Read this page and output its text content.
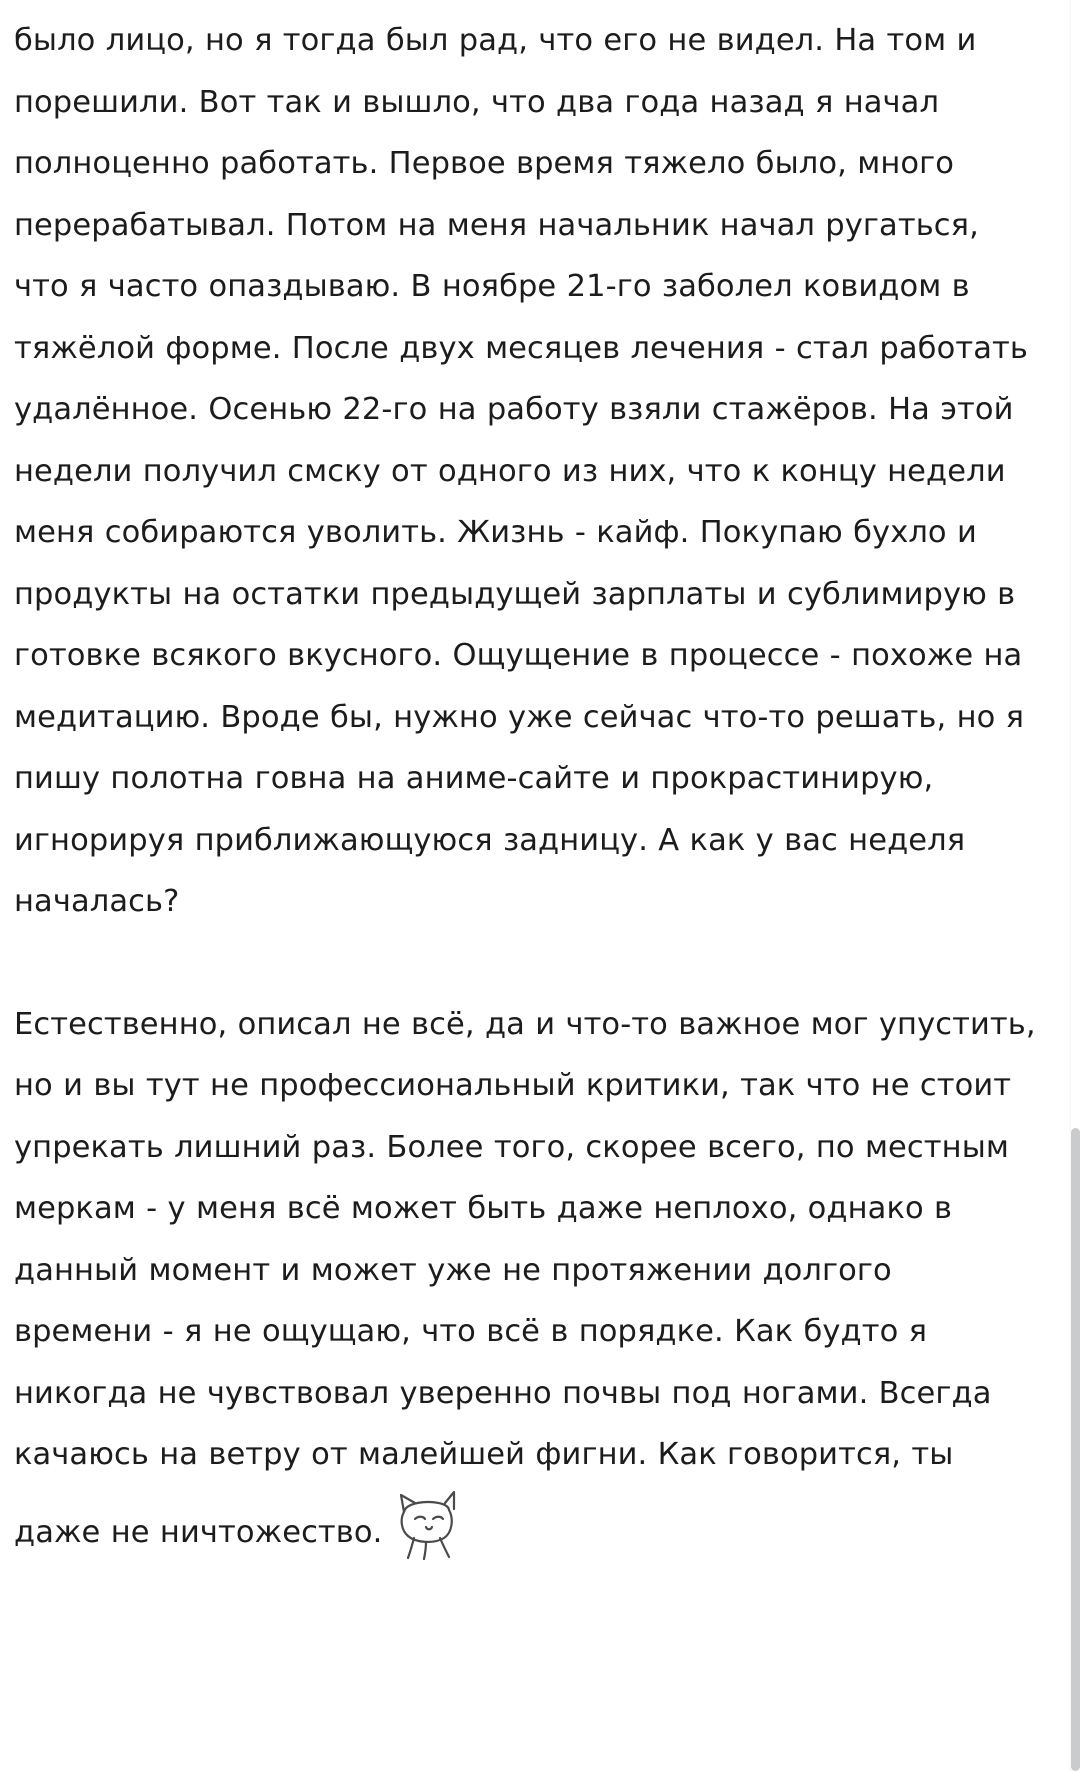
было лицо, но я тогда был рад, что его не видел. На том и порешили. Вот так и вышло, что два года назад я начал полноценно работать. Первое время тяжело было, много перерабатывал. Потом на меня начальник начал ругаться, что я часто опаздываю. В ноябре 21-го заболел ковидом в тяжёлой форме. После двух месяцев лечения - стал работать удалённое. Осенью 22-го на работу взяли стажёров. На этой недели получил смску от одного из них, что к концу недели меня собираются уволить. Жизнь - кайф. Покупаю бухло и продукты на остатки предыдущей зарплаты и сублимирую в готовке всякого вкусного. Ощущение в процессе - похоже на медитацию. Вроде бы, нужно уже сейчас что-то решать, но я пишу полотна говна на аниме-сайте и прокрастинирую, игнорируя приближающуюся задницу. А как у вас неделя началась?

Естественно, описал не всё, да и что-то важное мог упустить, но и вы тут не профессиональный критики, так что не стоит упрекать лишний раз. Более того, скорее всего, по местным меркам - у меня всё может быть даже неплохо, однако в данный момент и может уже не протяжении долгого времени - я не ощущаю, что всё в порядке. Как будто я никогда не чувствовал уверенно почвы под ногами. Всегда качаюсь на ветру от малейшей фигни. Как говорится, ты даже не ничтожество.
